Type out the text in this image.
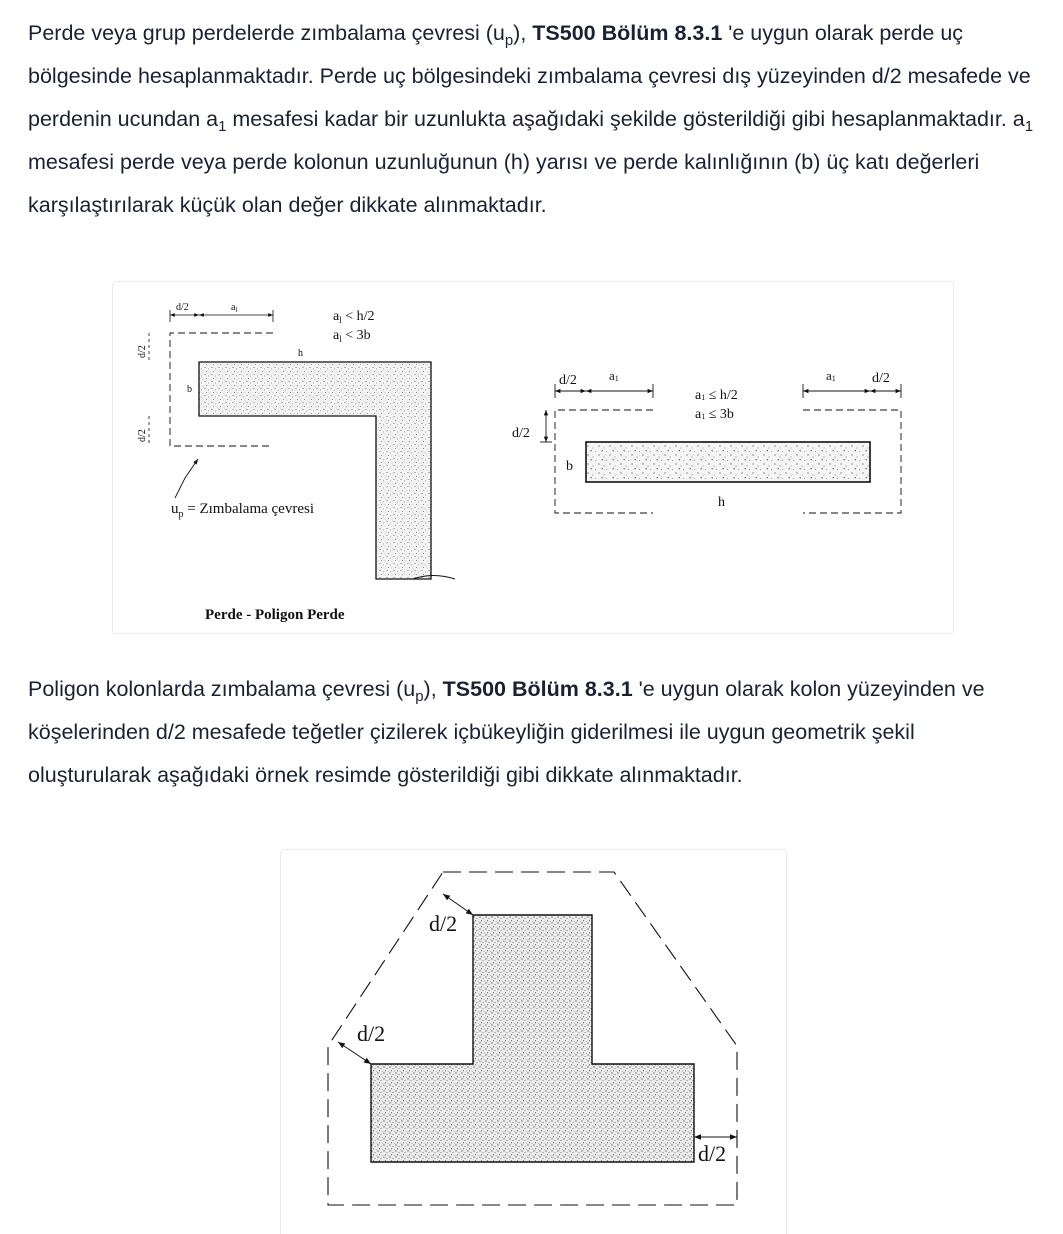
Perde veya grup perdelerde zımbalama çevresi $(u_p)$, TS500 Bölüm 8.3.1 'e uygun olarak perde uç bölgesinde hesaplanmaktadır. Perde uç bölgesindeki zımbalama çevresi dış yüzeyinden d/2 mesafede ve perdenin ucundan $a_1$ mesafesi kadar bir uzunlukta aşağıdaki şekilde gösterildiği gibi hesaplanmaktadır. $a_1$ mesafesi perde veya perde kolonun uzunluğunun (h) yarısı ve perde kalınlığının (b) üç katı değerleri karşılaştırılarak küçük olan değer dikkate alınmaktadır.

d/2	$a_l$
d/2
d/2
h
b
$a_l < h/2$
$a_l < 3b$
$u_p$ = Zımbalama çevresi
Perde - Poligon Perde
d/2 a1	a1	d/2
a1 ≤ h/2
a1 ≤ 3b
d/2
b
h

Poligon kolonlarda zımbalama çevresi $(u_p)$, TS500 Bölüm 8.3.1 'e uygun olarak kolon yüzeyinden ve köşelerinden d/2 mesafede teğetler çizilerek içbükeyliğin giderilmesi ile uygun geometrik şekil oluşturularak aşağıdaki örnek resimde gösterildiği gibi dikkate alınmaktadır.

d/2
d/2
d/2
